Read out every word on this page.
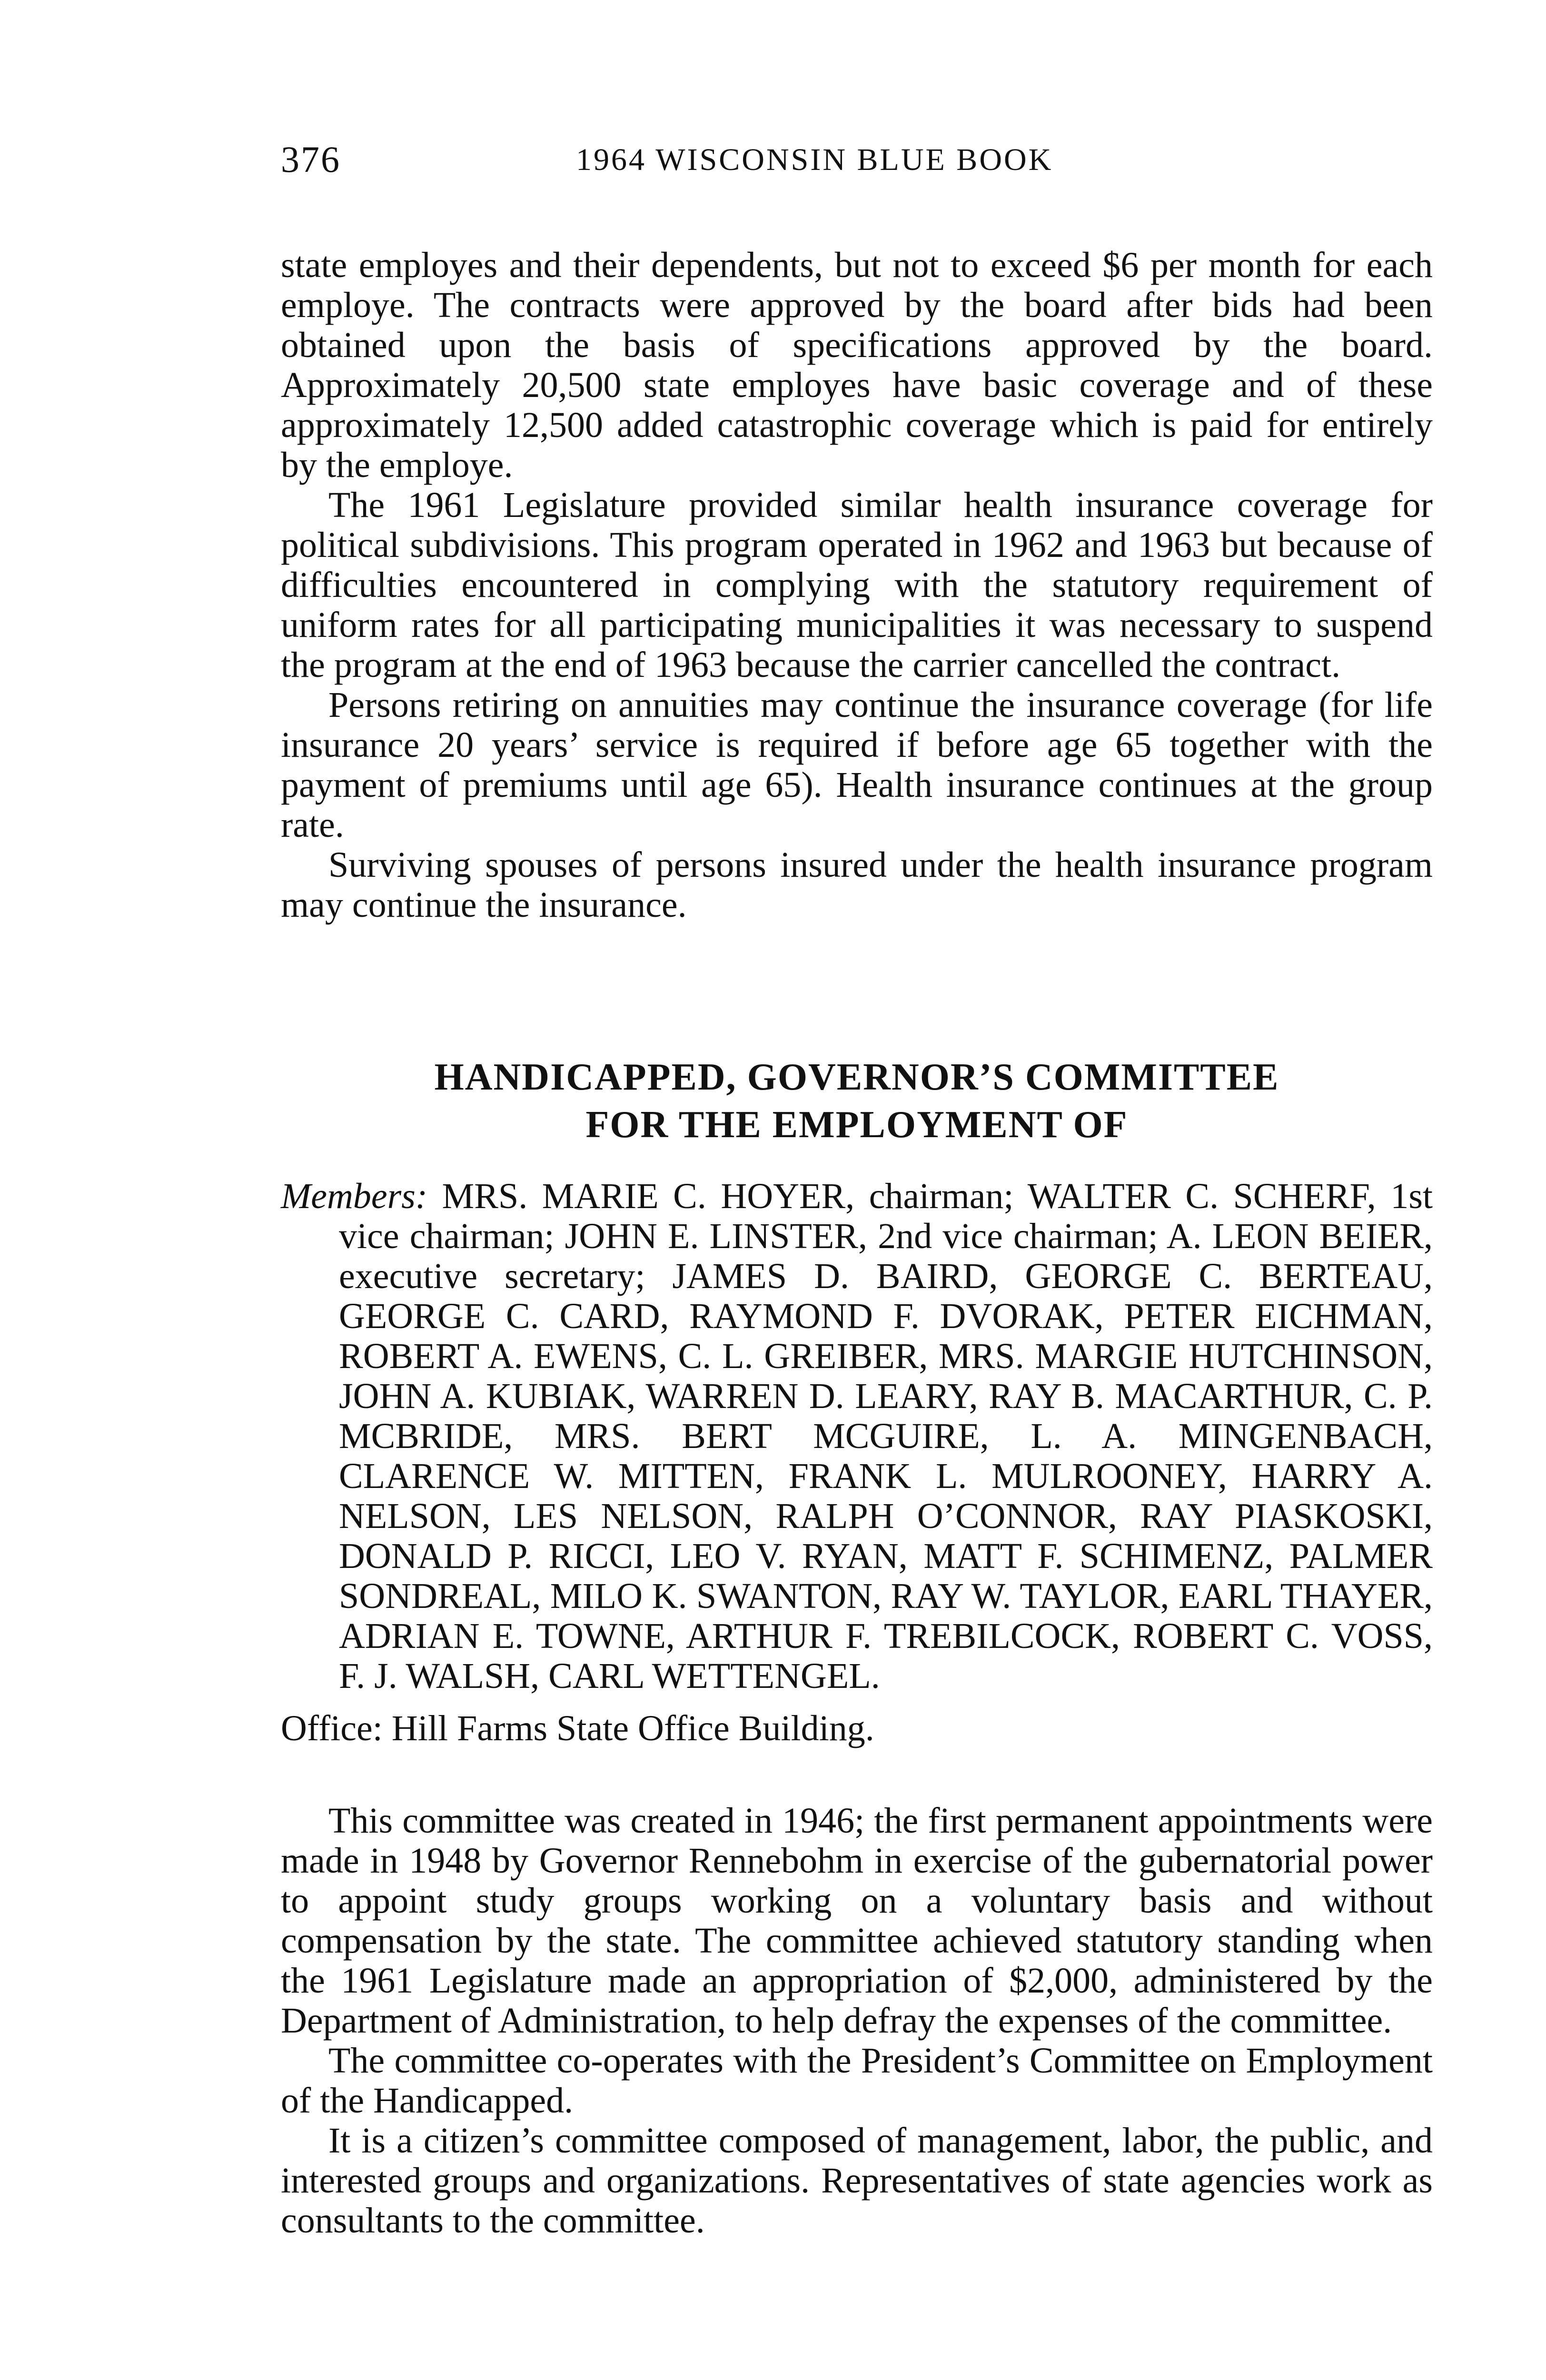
376	1964 WISCONSIN BLUE BOOK

state employes and their dependents, but not to exceed $6 per month for each employe. The contracts were approved by the board after bids had been obtained upon the basis of specifications approved by the board. Approximately 20,500 state employes have basic coverage and of these approximately 12,500 added catastrophic coverage which is paid for entirely by the employe.

The 1961 Legislature provided similar health insurance coverage for political subdivisions. This program operated in 1962 and 1963 but because of difficulties encountered in complying with the statutory requirement of uniform rates for all participating municipalities it was necessary to suspend the program at the end of 1963 because the carrier cancelled the contract.

Persons retiring on annuities may continue the insurance coverage (for life insurance 20 years’ service is required if before age 65 together with the payment of premiums until age 65). Health insurance continues at the group rate.

Surviving spouses of persons insured under the health insurance program may continue the insurance.

HANDICAPPED, GOVERNOR’S COMMITTEE
FOR THE EMPLOYMENT OF

Members: MRS. MARIE C. HOYER, chairman; WALTER C. SCHERF, 1st vice chairman; JOHN E. LINSTER, 2nd vice chairman; A. LEON BEIER, executive secretary; JAMES D. BAIRD, GEORGE C. BERTEAU, GEORGE C. CARD, RAYMOND F. DVORAK, PETER EICHMAN, ROBERT A. EWENS, C. L. GREIBER, MRS. MARGIE HUTCHINSON, JOHN A. KUBIAK, WARREN D. LEARY, RAY B. MACARTHUR, C. P. MCBRIDE, MRS. BERT MCGUIRE, L. A. MINGENBACH, CLARENCE W. MITTEN, FRANK L. MULROONEY, HARRY A. NELSON, LES NELSON, RALPH O’CONNOR, RAY PIASKOSKI, DONALD P. RICCI, LEO V. RYAN, MATT F. SCHIMENZ, PALMER SONDREAL, MILO K. SWANTON, RAY W. TAYLOR, EARL THAYER, ADRIAN E. TOWNE, ARTHUR F. TREBILCOCK, ROBERT C. VOSS, F. J. WALSH, CARL WETTENGEL.

Office: Hill Farms State Office Building.

This committee was created in 1946; the first permanent appointments were made in 1948 by Governor Rennebohm in exercise of the gubernatorial power to appoint study groups working on a voluntary basis and without compensation by the state. The committee achieved statutory standing when the 1961 Legislature made an appropriation of $2,000, administered by the Department of Administration, to help defray the expenses of the committee.

The committee co-operates with the President’s Committee on Employment of the Handicapped.

It is a citizen’s committee composed of management, labor, the public, and interested groups and organizations. Representatives of state agencies work as consultants to the committee.
